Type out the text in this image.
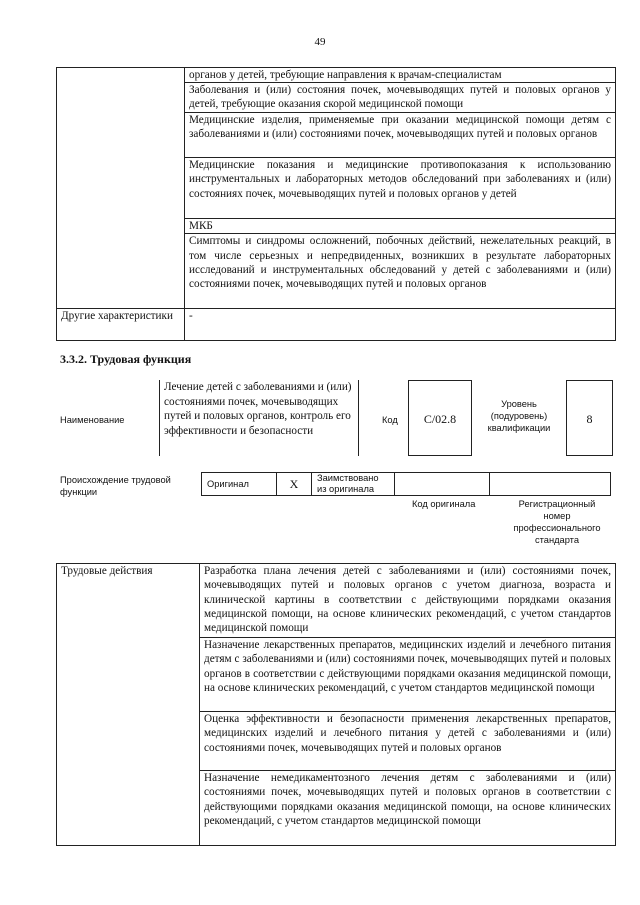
49
	органов у детей, требующие направления к врачам-специалистам
	Заболевания и (или) состояния почек, мочевыводящих путей и половых органов у детей, требующие оказания скорой медицинской помощи
	Медицинские изделия, применяемые при оказании медицинской помощи детям с заболеваниями и (или) состояниями почек, мочевыводящих путей и половых органов
	Медицинские показания и медицинские противопоказания к использованию инструментальных и лабораторных методов обследований при заболеваниях и (или) состояниях почек, мочевыводящих путей и половых органов у детей
	МКБ
	Симптомы и синдромы осложнений, побочных действий, нежелательных реакций, в том числе серьезных и непредвиденных, возникших в результате лабораторных исследований и инструментальных обследований у детей с заболеваниями и (или) состояниями почек, мочевыводящих путей и половых органов
Другие характеристики	-
3.3.2. Трудовая функция
Наименование
Лечение детей с заболеваниями и (или) состояниями почек, мочевыводящих путей и половых органов, контроль его эффективности и безопасности
Код	C/02.8
Уровень (подуровень) квалификации
8
Происхождение трудовой функции
Оригинал	X	Заимствовано из оригинала		
Код оригинала	Регистрационный номер профессионального стандарта
Трудовые действия	Разработка плана лечения детей с заболеваниями и (или) состояниями почек, мочевыводящих путей и половых органов с учетом диагноза, возраста и клинической картины в соответствии с действующими порядками оказания медицинской помощи, на основе клинических рекомендаций, с учетом стандартов медицинской помощи
Назначение лекарственных препаратов, медицинских изделий и лечебного питания детям с заболеваниями и (или) состояниями почек, мочевыводящих путей и половых органов в соответствии с действующими порядками оказания медицинской помощи, на основе клинических рекомендаций, с учетом стандартов медицинской помощи
Оценка эффективности и безопасности применения лекарственных препаратов, медицинских изделий и лечебного питания у детей с заболеваниями и (или) состояниями почек, мочевыводящих путей и половых органов
Назначение немедикаментозного лечения детям с заболеваниями и (или) состояниями почек, мочевыводящих путей и половых органов в соответствии с действующими порядками оказания медицинской помощи, на основе клинических рекомендаций, с учетом стандартов медицинской помощи
